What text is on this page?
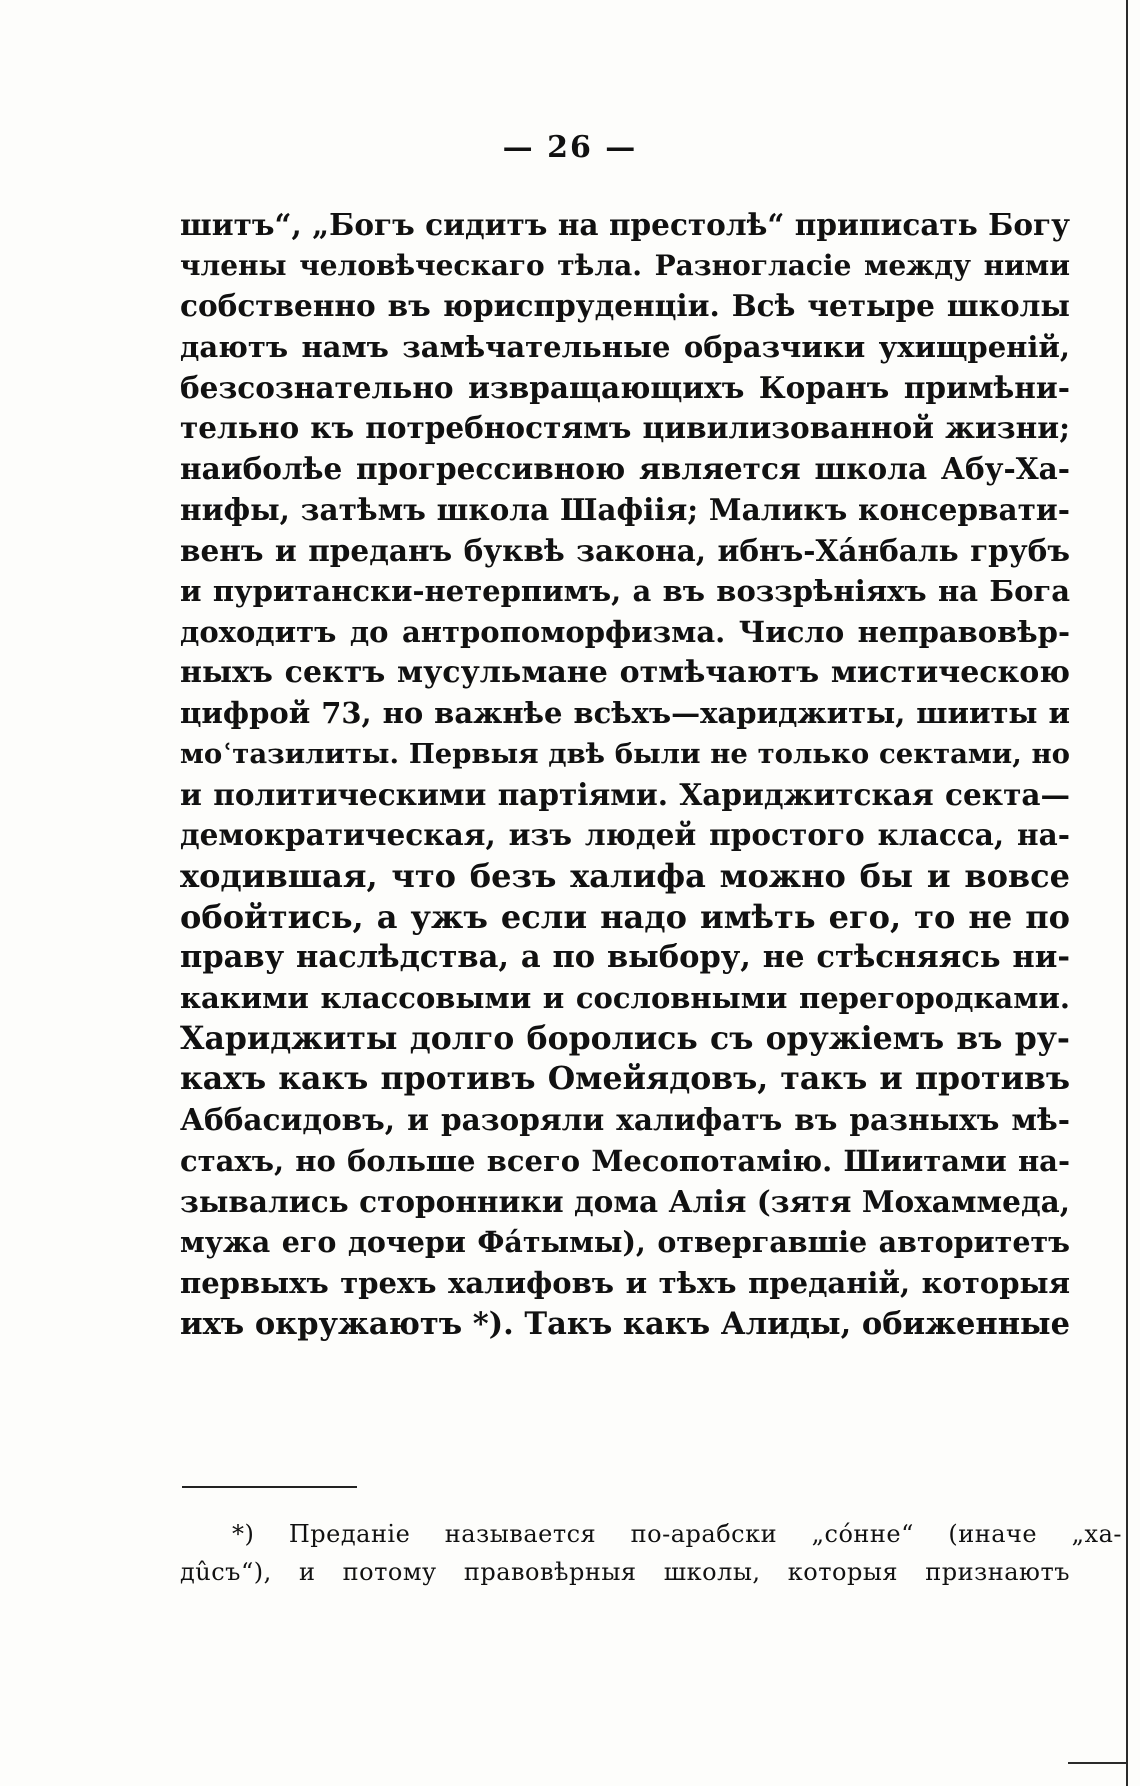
— 26 —
шитъ“, „Богъ сидитъ на престолѣ“ приписать Богу
члены человѣческаго тѣла. Разногласіе между ними
собственно въ юриспруденціи. Всѣ четыре школы
даютъ намъ замѣчательные образчики ухищреній,
безсознательно извращающихъ Коранъ примѣни-
тельно къ потребностямъ цивилизованной жизни;
наиболѣе прогрессивною является школа Абу-Ха-
нифы, затѣмъ школа Шафіія; Маликъ консервати-
венъ и преданъ буквѣ закона, ибнъ-Хáнбаль грубъ
и пуритански-нетерпимъ, а въ воззрѣніяхъ на Бога
доходитъ до антропоморфизма. Число неправовѣр-
ныхъ сектъ мусульмане отмѣчаютъ мистическою
цифрой 73, но важнѣе всѣхъ—хариджиты, шииты и
мoʿтазилиты. Первыя двѣ были не только сектами, но
и политическими партіями. Хариджитская секта—
демократическая, изъ людей простого класса, на-
ходившая, что безъ халифа можно бы и вовсе
обойтись, а ужъ если надо имѣть его, то не по
праву наслѣдства, а по выбору, не стѣсняясь ни-
какими классовыми и сословными перегородками.
Хариджиты долго боролись съ оружіемъ въ ру-
кахъ какъ противъ Омейядовъ, такъ и противъ
Аббасидовъ, и разоряли халифатъ въ разныхъ мѣ-
стахъ, но больше всего Месопотамію. Шиитами на-
зывались сторонники дома Алія (зятя Мохаммеда,
мужа его дочери Фáтымы), отвергавшіе авторитетъ
первыхъ трехъ халифовъ и тѣхъ преданій, которыя
ихъ окружаютъ *). Такъ какъ Алиды, обиженные
*) Преданіе называется по-арабски „сóнне“ (иначе „ха-
дûсъ“), и потому правовѣрныя школы, которыя признаютъ
